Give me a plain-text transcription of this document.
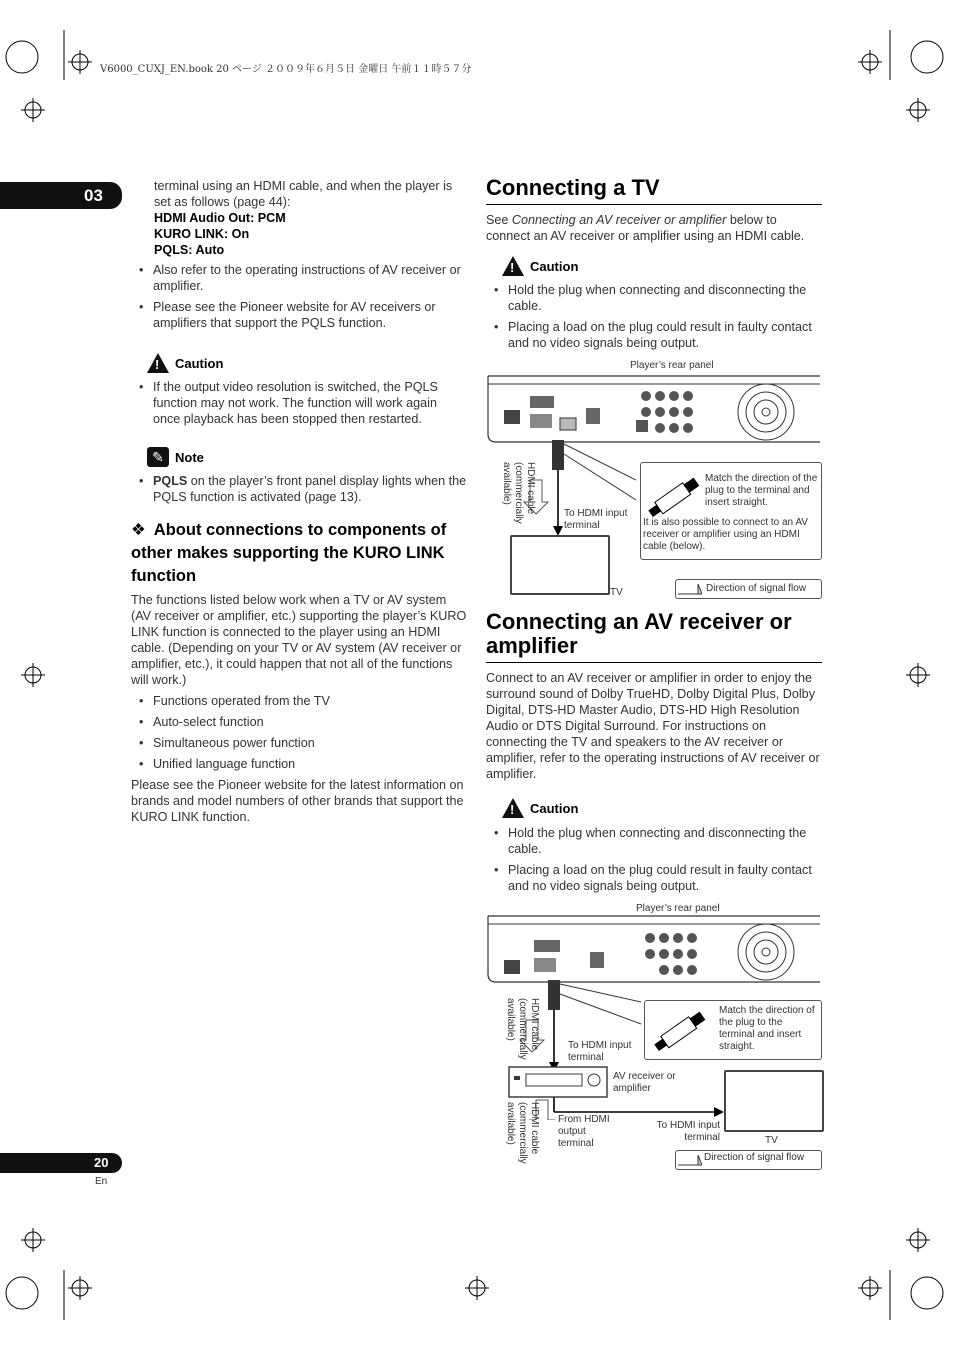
V6000_CUXJ_EN.book 20 ページ ２００９年６月５日 金曜日 午前１１時５７分
03	terminal using an HDMI cable, and when the player is set as follows (page 44):
HDMI Audio Out: PCM
KURO LINK: On
PQLS: Auto
• Also refer to the operating instructions of AV receiver or amplifier.
• Please see the Pioneer website for AV receivers or amplifiers that support the PQLS function.
!
Caution
• If the output video resolution is switched, the PQLS function may not work. The function will work again once playback has been stopped then restarted.
✎ Note
• PQLS on the player’s front panel display lights when the PQLS function is activated (page 13).
❖ About connections to components of other makes supporting the KURO LINK function
The functions listed below work when a TV or AV system (AV receiver or amplifier, etc.) supporting the player’s KURO LINK function is connected to the player using an HDMI cable. (Depending on your TV or AV system (AV receiver or amplifier, etc.), it could happen that not all of the functions will work.)
• Functions operated from the TV
• Auto-select function
• Simultaneous power function
• Unified language function
Please see the Pioneer website for the latest information on brands and model numbers of other brands that support the KURO LINK function.
Connecting a TV
See Connecting an AV receiver or amplifier below to connect an AV receiver or amplifier using an HDMI cable.
!
Caution
• Hold the plug when connecting and disconnecting the cable.
• Placing a load on the plug could result in faulty contact and no video signals being output.
Player’s rear panel
HDMI cable (commercially available)
To HDMI input terminal
TV
Match the direction of the plug to the terminal and insert straight.
It is also possible to connect to an AV receiver or amplifier using an HDMI cable (below).
Direction of signal flow
Connecting an AV receiver or amplifier
Connect to an AV receiver or amplifier in order to enjoy the surround sound of Dolby TrueHD, Dolby Digital Plus, Dolby Digital, DTS-HD Master Audio, DTS-HD High Resolution Audio or DTS Digital Surround. For instructions on connecting the TV and speakers to the AV receiver or amplifier, refer to the operating instructions of AV receiver or amplifier.
!
Caution
• Hold the plug when connecting and disconnecting the cable.
• Placing a load on the plug could result in faulty contact and no video signals being output.
Player’s rear panel
HDMI cable (commercially available)
To HDMI input terminal
Match the direction of the plug to the terminal and insert straight.
AV receiver or amplifier
HDMI cable (commercially available)	From HDMI output terminal
To HDMI input terminal	TV
Direction of signal flow
20
En
